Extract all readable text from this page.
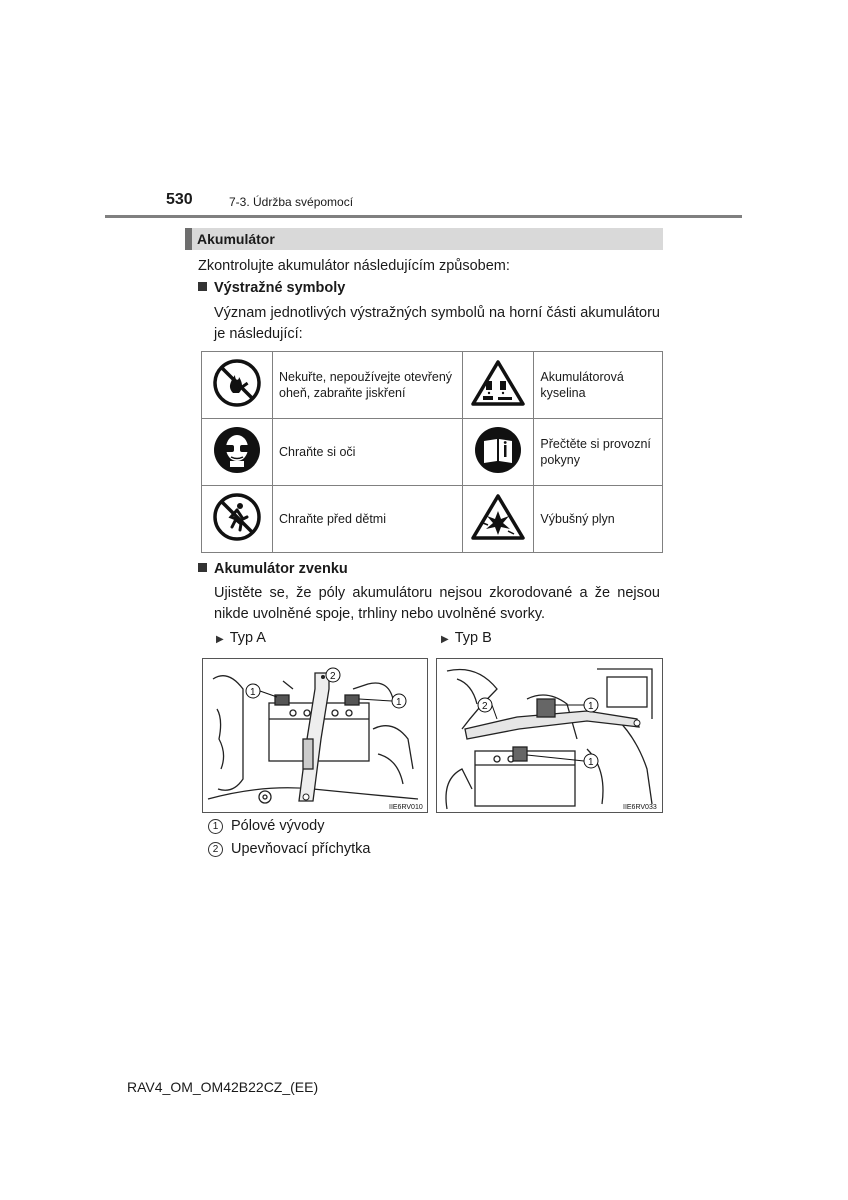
530	7-3. Údržba svépomocí
Akumulátor
Zkontrolujte akumulátor následujícím způsobem:
Výstražné symboly
Význam jednotlivých výstražných symbolů na horní části akumulátoru je následující:
	Nekuřte, nepoužívejte otevřený oheň, zabraňte jiskření		Akumulátorová kyselina
	Chraňte si oči		Přečtěte si provozní pokyny
	Chraňte před dětmi		Výbušný plyn
Akumulátor zvenku
Ujistěte se, že póly akumulátoru nejsou zkorodované a že nejsou nikde uvolněné spoje, trhliny nebo uvolněné svorky.
▶ Typ A	▶ Typ B
1
2
1
IIE6RV010
2	1
1
IIE6RV033
1 Pólové vývody
2 Upevňovací příchytka
RAV4_OM_OM42B22CZ_(EE)
